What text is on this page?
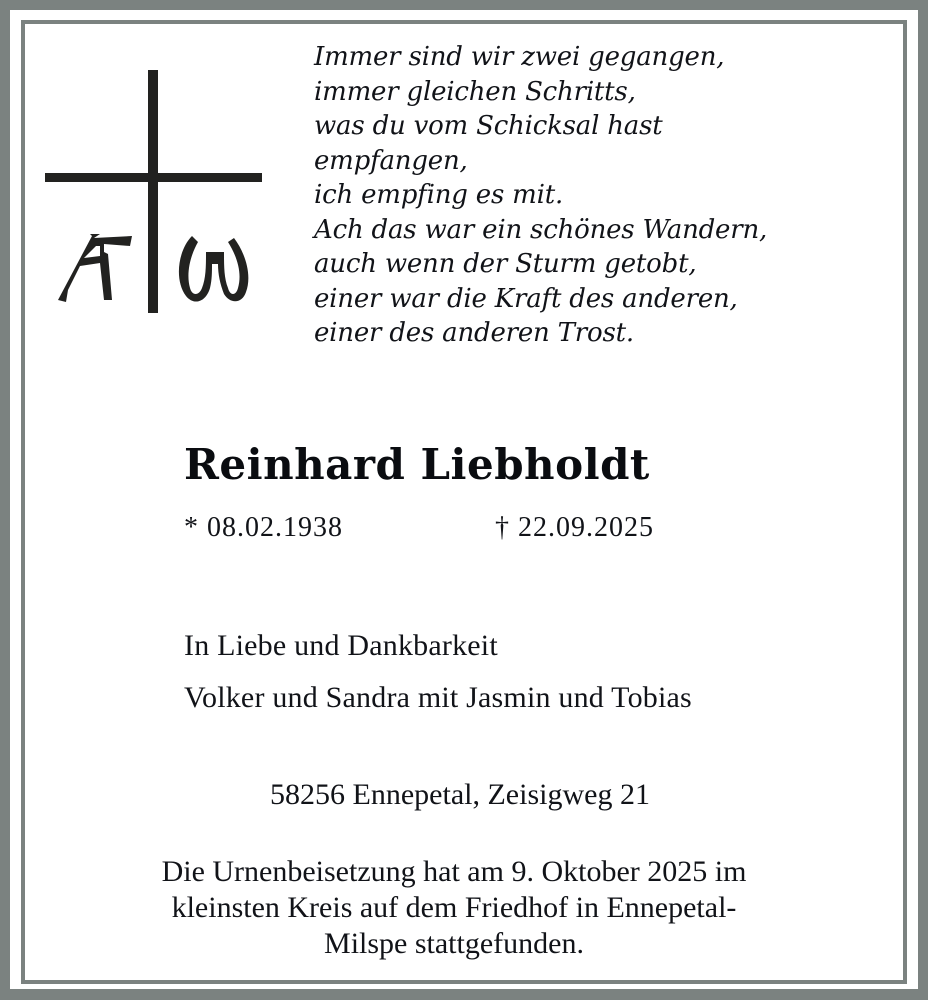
Immer sind wir zwei gegangen,
immer gleichen Schritts,
was du vom Schicksal hast
empfangen,
ich empfing es mit.
Ach das war ein schönes Wandern,
auch wenn der Sturm getobt,
einer war die Kraft des anderen,
einer des anderen Trost.
Reinhard Liebholdt
* 08.02.1938	† 22.09.2025
In Liebe und Dankbarkeit
Volker und Sandra mit Jasmin und Tobias
58256 Ennepetal, Zeisigweg 21
Die Urnenbeisetzung hat am 9. Oktober 2025 im
kleinsten Kreis auf dem Friedhof in Ennepetal-
Milspe stattgefunden.
